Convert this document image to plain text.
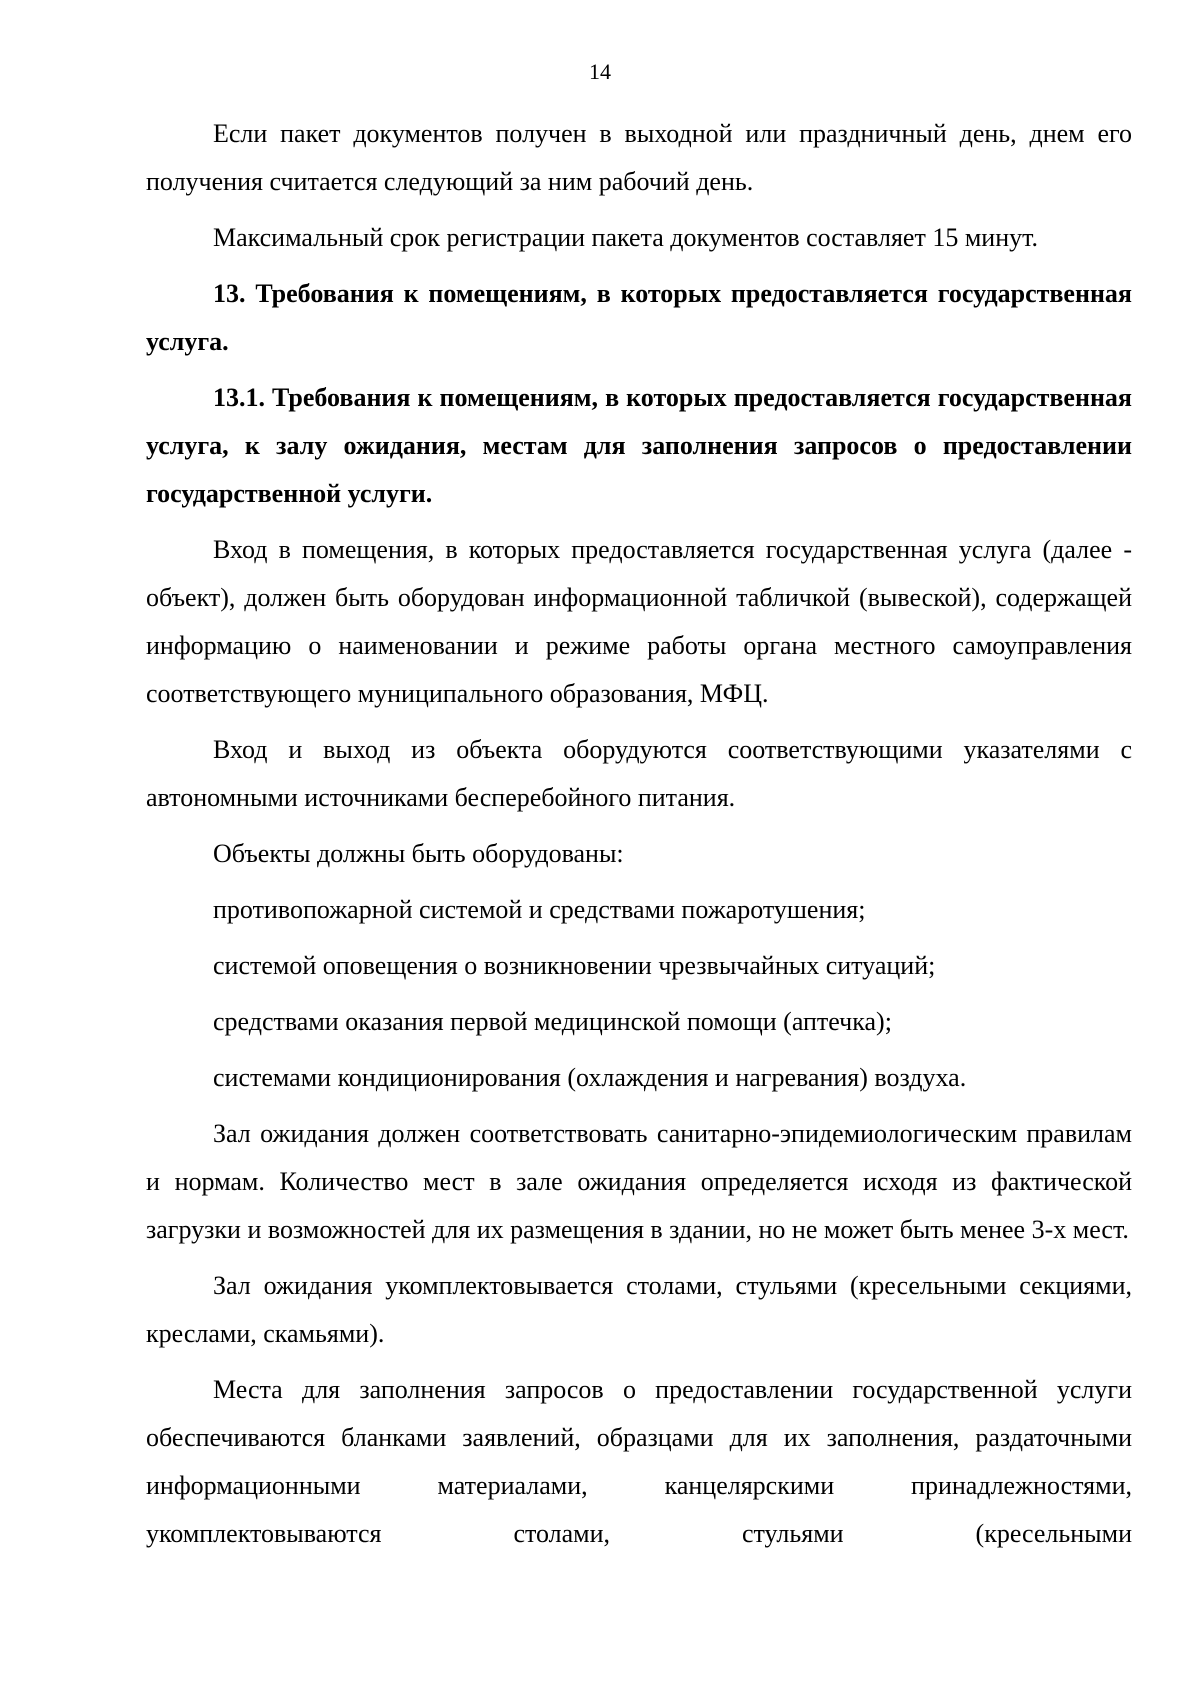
14

Если пакет документов получен в выходной или праздничный день, днем его получения считается следующий за ним рабочий день.

Максимальный срок регистрации пакета документов составляет 15 минут.

13. Требования к помещениям, в которых предоставляется государственная услуга.

13.1. Требования к помещениям, в которых предоставляется государственная услуга, к залу ожидания, местам для заполнения запросов о предоставлении государственной услуги.

Вход в помещения, в которых предоставляется государственная услуга (далее - объект), должен быть оборудован информационной табличкой (вывеской), содержащей информацию о наименовании и режиме работы органа местного самоуправления соответствующего муниципального образования, МФЦ.

Вход и выход из объекта оборудуются соответствующими указателями с автономными источниками бесперебойного питания.

Объекты должны быть оборудованы:

противопожарной системой и средствами пожаротушения;

системой оповещения о возникновении чрезвычайных ситуаций;

средствами оказания первой медицинской помощи (аптечка);

системами кондиционирования (охлаждения и нагревания) воздуха.

Зал ожидания должен соответствовать санитарно-эпидемиологическим правилам и нормам. Количество мест в зале ожидания определяется исходя из фактической загрузки и возможностей для их размещения в здании, но не может быть менее 3-х мест.

Зал ожидания укомплектовывается столами, стульями (кресельными секциями, креслами, скамьями).

Места для заполнения запросов о предоставлении государственной услуги обеспечиваются бланками заявлений, образцами для их заполнения, раздаточными информационными материалами, канцелярскими принадлежностями, укомплектовываются столами, стульями (кресельными
